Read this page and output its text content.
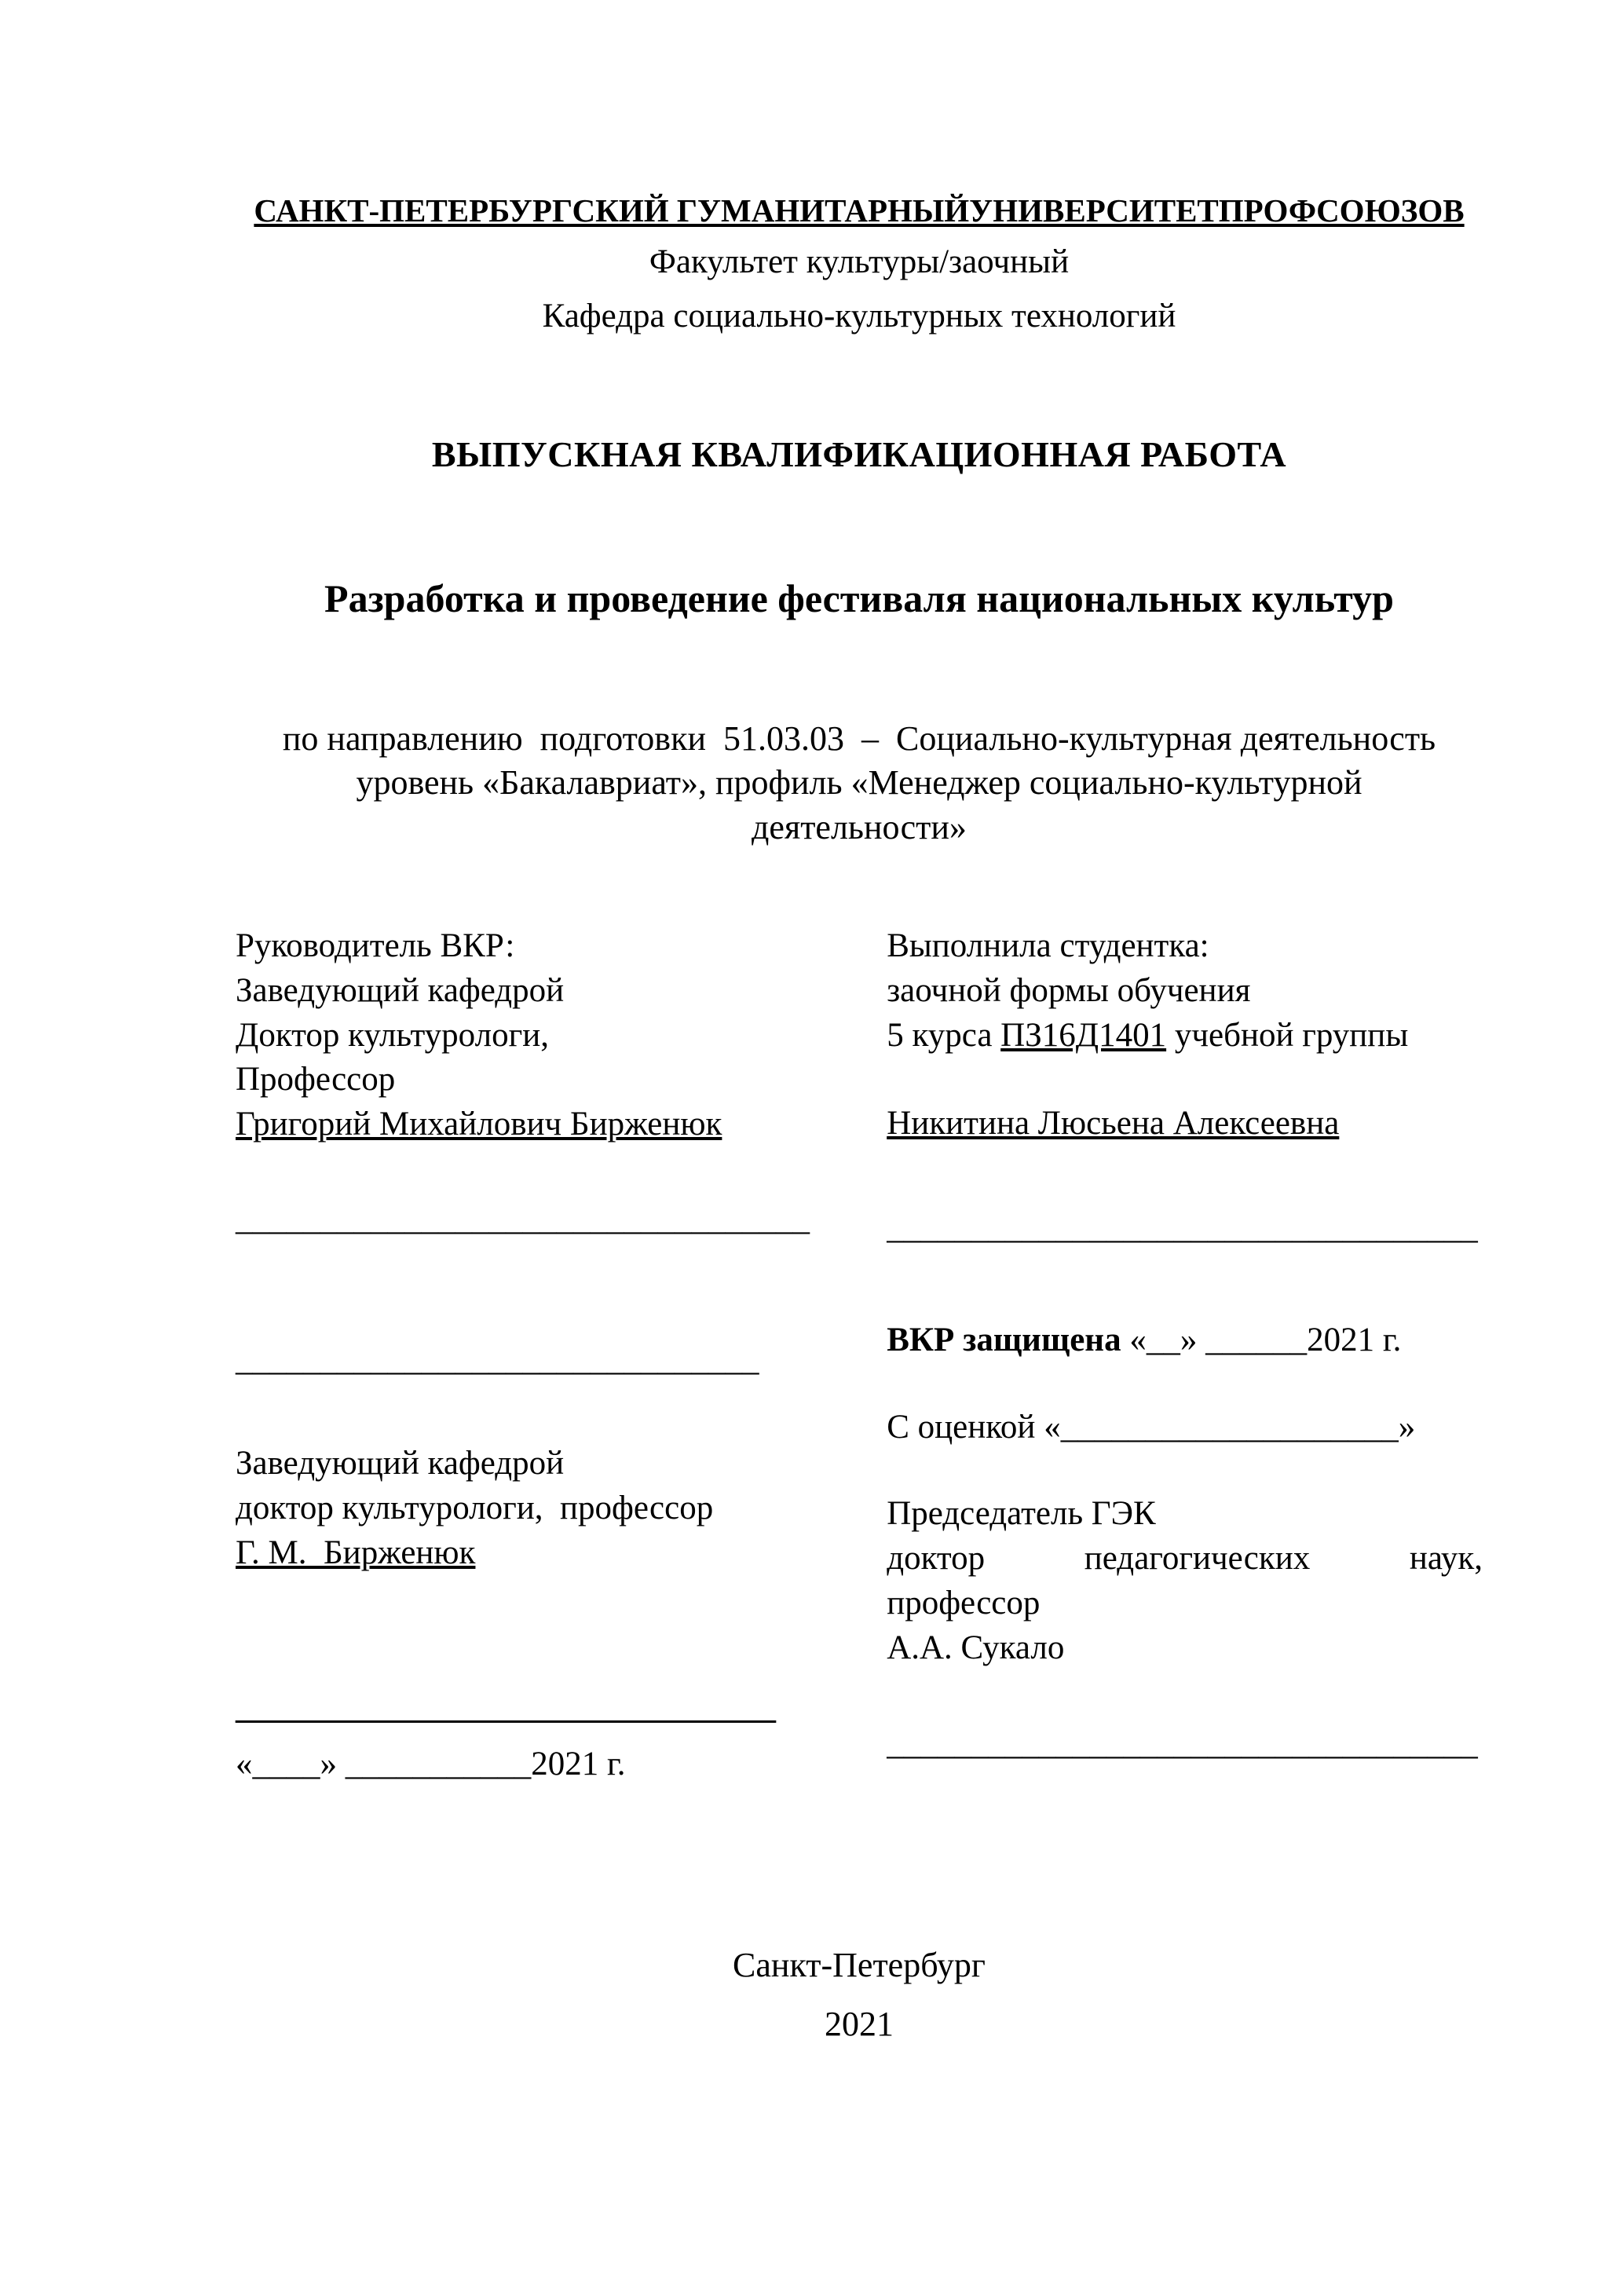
САНКТ-ПЕТЕРБУРГСКИЙ ГУМАНИТАРНЫЙУНИВЕРСИТЕТПРОФСОЮЗОВ

Факультет культуры/заочный

Кафедра социально-культурных технологий

ВЫПУСКНАЯ КВАЛИФИКАЦИОННАЯ РАБОТА

Разработка и проведение фестиваля национальных культур

по направлению  подготовки  51.03.03  –  Социально-культурная деятельность

уровень «Бакалавриат», профиль «Менеджер социально-культурной

деятельности»

Руководитель ВКР:

Заведующий кафедрой

Доктор культурологи,

Профессор

Григорий Михайлович Бирженюк

__________________________________

_______________________________

Заведующий кафедрой

доктор культурологи,  профессор

Г. М.  Бирженюк

________________________________

«____» ___________2021 г.

Выполнила студентка:

заочной формы обучения

5 курса ПЗ16Д1401 учебной группы

Никитина Люсьена Алексеевна

___________________________________

ВКР защищена «__» ______2021 г.

С оценкой «____________________»

Председатель ГЭК

доктор	педагогических	наук,

профессор

А.А. Сукало

___________________________________

Санкт-Петербург

2021
